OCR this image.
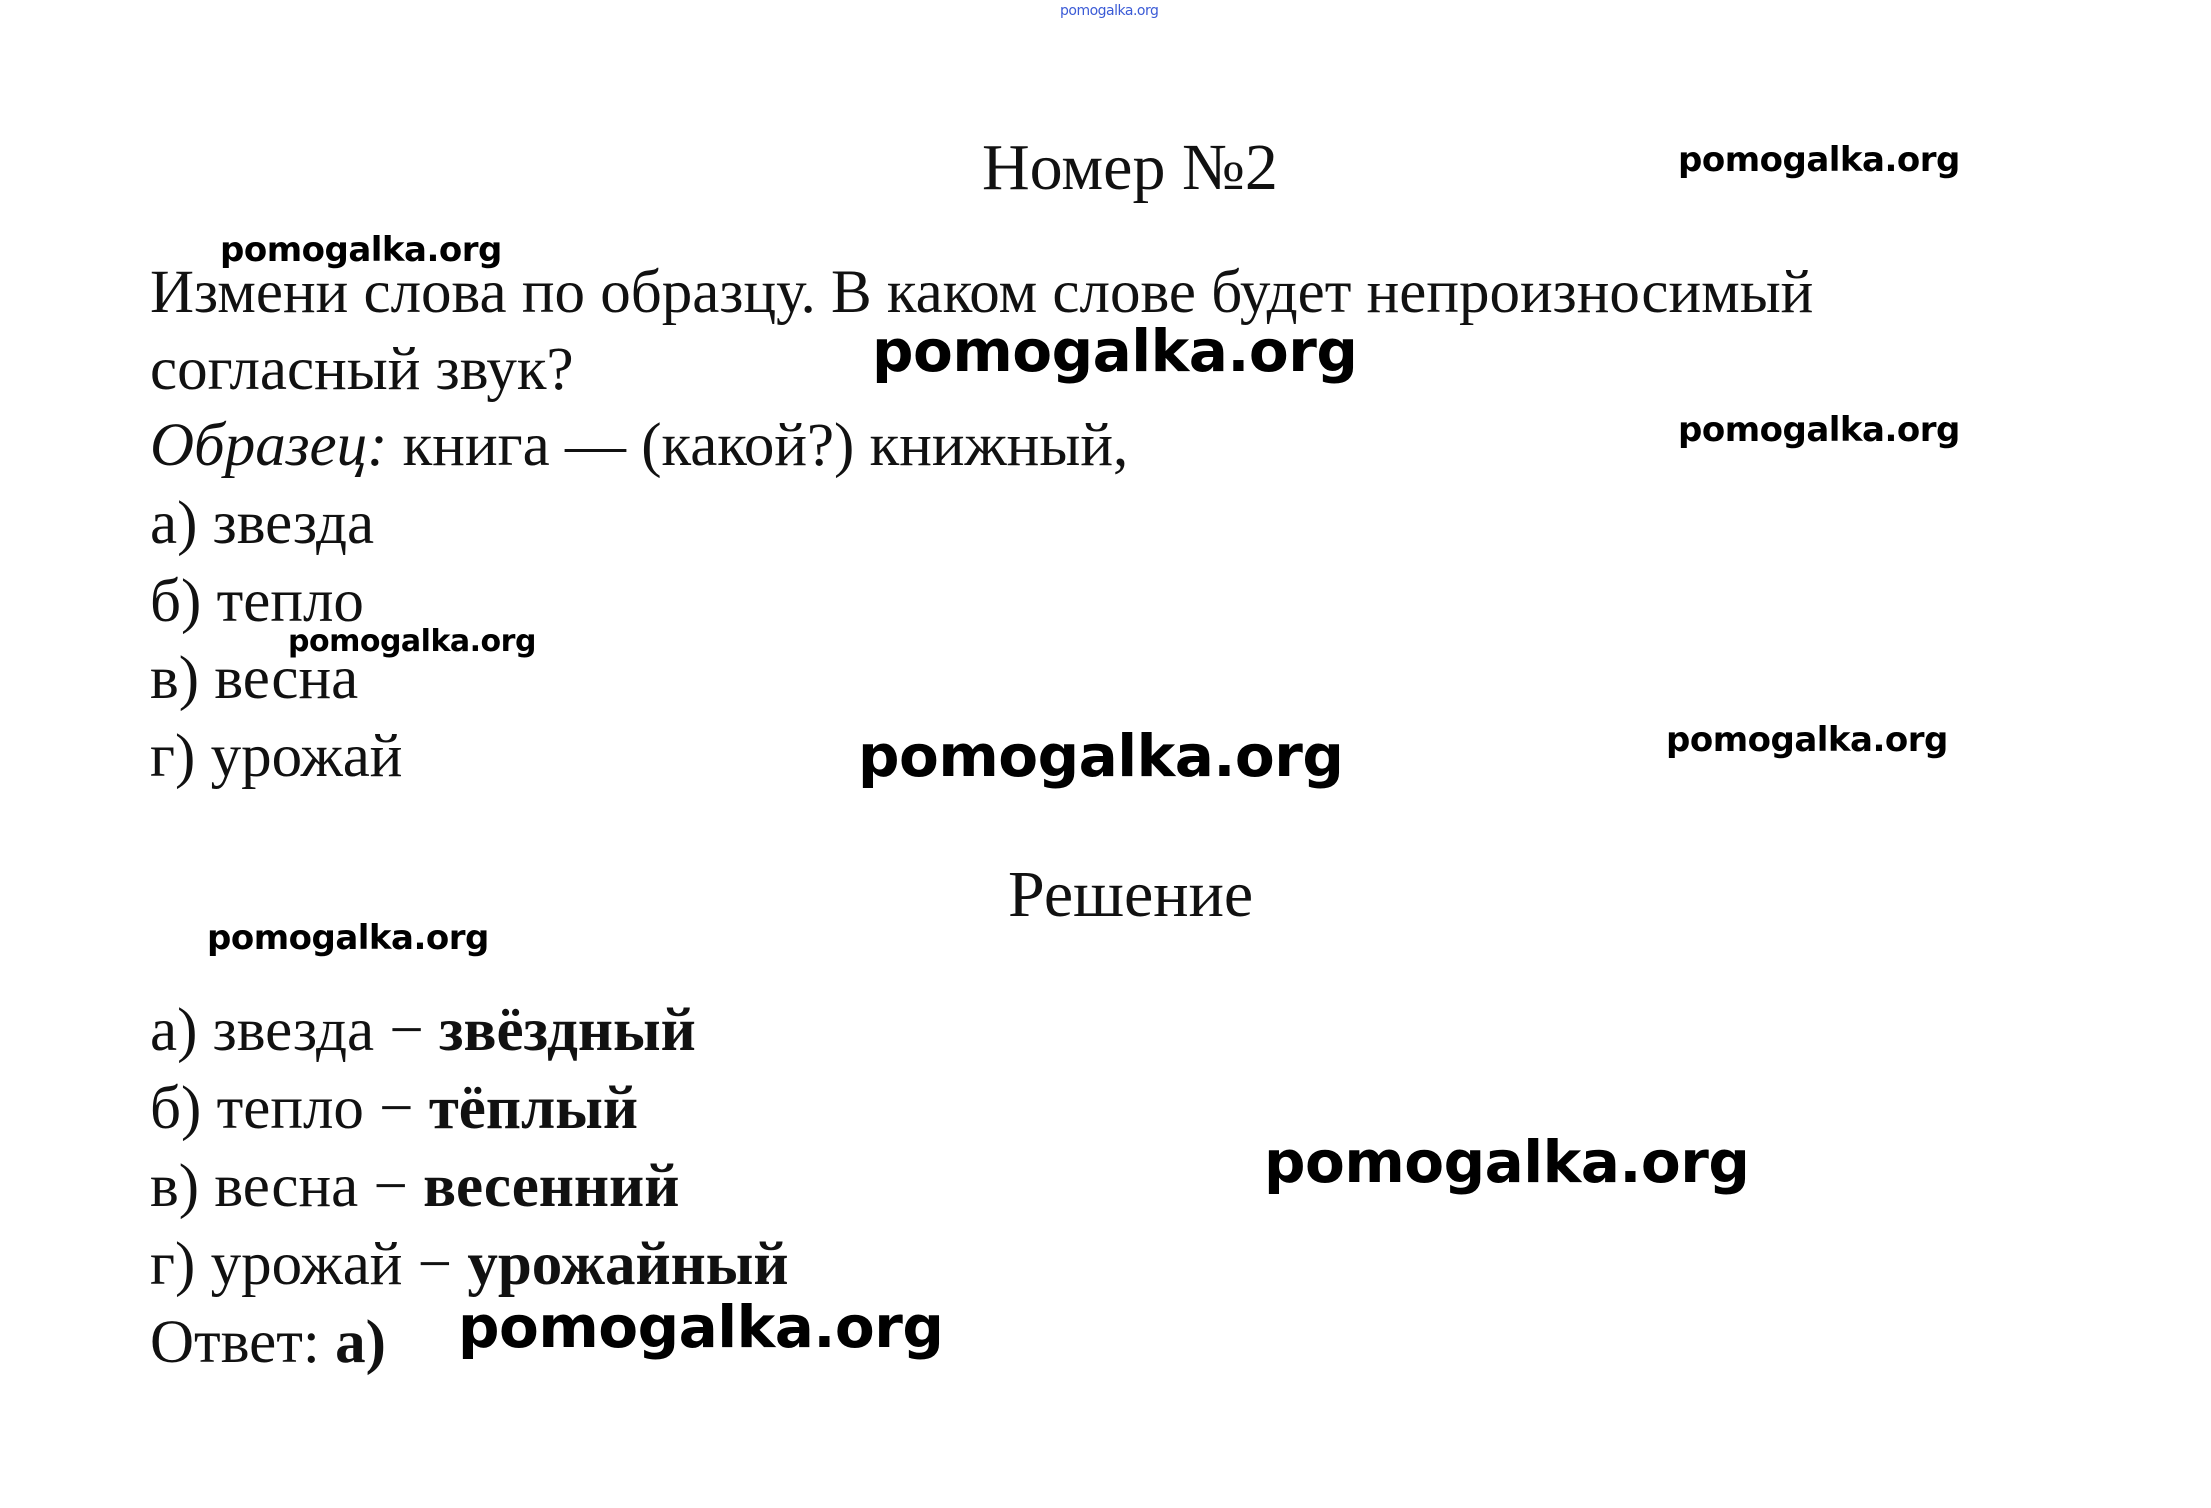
pomogalka.org
Номер №2
Измени слова по образцу. В каком слове будет непроизносимый
согласный звук?
Образец: книга — (какой?) книжный,
а) звезда
б) тепло
в) весна
г) урожай
Решение
а) звезда − звёздный
б) тепло − тёплый
в) весна − весенний
г) урожай − урожайный
Ответ: а)
pomogalka.org
pomogalka.org
pomogalka.org
pomogalka.org
pomogalka.org
pomogalka.org	pomogalka.org
pomogalka.org
pomogalka.org
pomogalka.org
